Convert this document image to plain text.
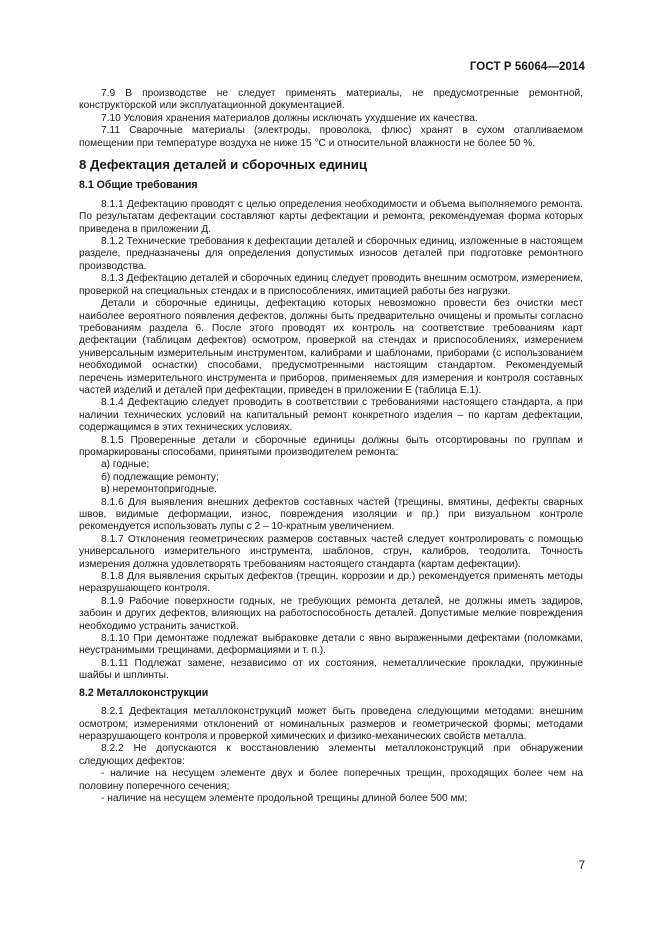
ГОСТ Р 56064—2014

7.9 В производстве не следует применять материалы, не предусмотренные ремонтной, конструкторской или эксплуатационной документацией.

7.10 Условия хранения материалов должны исключать ухудшение их качества.

7.11 Сварочные материалы (электроды, проволока, флюс) хранят в сухом отапливаемом помещении при температуре воздуха не ниже 15 °С и относительной влажности не более 50 %.

8 Дефектация деталей и сборочных единиц
8.1 Общие требования

8.1.1 Дефектацию проводят с целью определения необходимости и объема выполняемого ремонта. По результатам дефектации составляют карты дефектации и ремонта, рекомендуемая форма которых приведена в приложении Д.

8.1.2 Технические требования к дефектации деталей и сборочных единиц, изложенные в настоящем разделе, предназначены для определения допустимых износов деталей при подготовке ремонтного производства.

8.1.3 Дефектацию деталей и сборочных единиц следует проводить внешним осмотром, измерением, проверкой на специальных стендах и в приспособлениях, имитацией работы без нагрузки.

Детали и сборочные единицы, дефектацию которых невозможно провести без очистки мест наиболее вероятного появления дефектов, должны быть предварительно очищены и промыты согласно требованиям раздела 6. После этого проводят их контроль на соответствие требованиям карт дефектации (таблицам дефектов) осмотром, проверкой на стендах и приспособлениях, измерением универсальным измерительным инструментом, калибрами и шаблонами, приборами (с использованием необходимой оснастки) способами, предусмотренными настоящим стандартом. Рекомендуемый перечень измерительного инструмента и приборов, применяемых для измерения и контроля составных частей изделий и деталей при дефектации, приведен в приложении Е (таблица Е.1).

8.1.4 Дефектацию следует проводить в соответствии с требованиями настоящего стандарта, а при наличии технических условий на капитальный ремонт конкретного изделия – по картам дефектации, содержащимся в этих технических условиях.

8.1.5 Проверенные детали и сборочные единицы должны быть отсортированы по группам и промаркированы способами, принятыми производителем ремонта:

а) годные;

б) подлежащие ремонту;

в) неремонтопригодные.

8.1.6 Для выявления внешних дефектов составных частей (трещины, вмятины, дефекты сварных швов, видимые деформации, износ, повреждения изоляции и пр.) при визуальном контроле рекомендуется использовать лупы с 2 – 10-кратным увеличением.

8.1.7 Отклонения геометрических размеров составных частей следует контролировать с помощью универсального измерительного инструмента, шаблонов, струн, калибров, теодолита. Точность измерения должна удовлетворять требованиям настоящего стандарта (картам дефектации).

8.1.8 Для выявления скрытых дефектов (трещин, коррозии и др.) рекомендуется применять методы неразрушающего контроля.

8.1.9 Рабочие поверхности годных, не требующих ремонта деталей, не должны иметь задиров, забоин и других дефектов, влияющих на работоспособность деталей. Допустимые мелкие повреждения необходимо устранить зачисткой.

8.1.10 При демонтаже подлежат выбраковке детали с явно выраженными дефектами (поломками, неустранимыми трещинами, деформациями и т. п.).

8.1.11 Подлежат замене, независимо от их состояния, неметаллические прокладки, пружинные шайбы и шплинты.

8.2 Металлоконструкции

8.2.1 Дефектация металлоконструкций может быть проведена следующими методами: внешним осмотром; измерениями отклонений от номинальных размеров и геометрической формы; методами неразрушающего контроля и проверкой химических и физико-механических свойств металла.

8.2.2 Не допускаются к восстановлению элементы металлоконструкций при обнаружении следующих дефектов:

- наличие на несущем элементе двух и более поперечных трещин, проходящих более чем на половину поперечного сечения;

- наличие на несущем элементе продольной трещины длиной более 500 мм;

7
